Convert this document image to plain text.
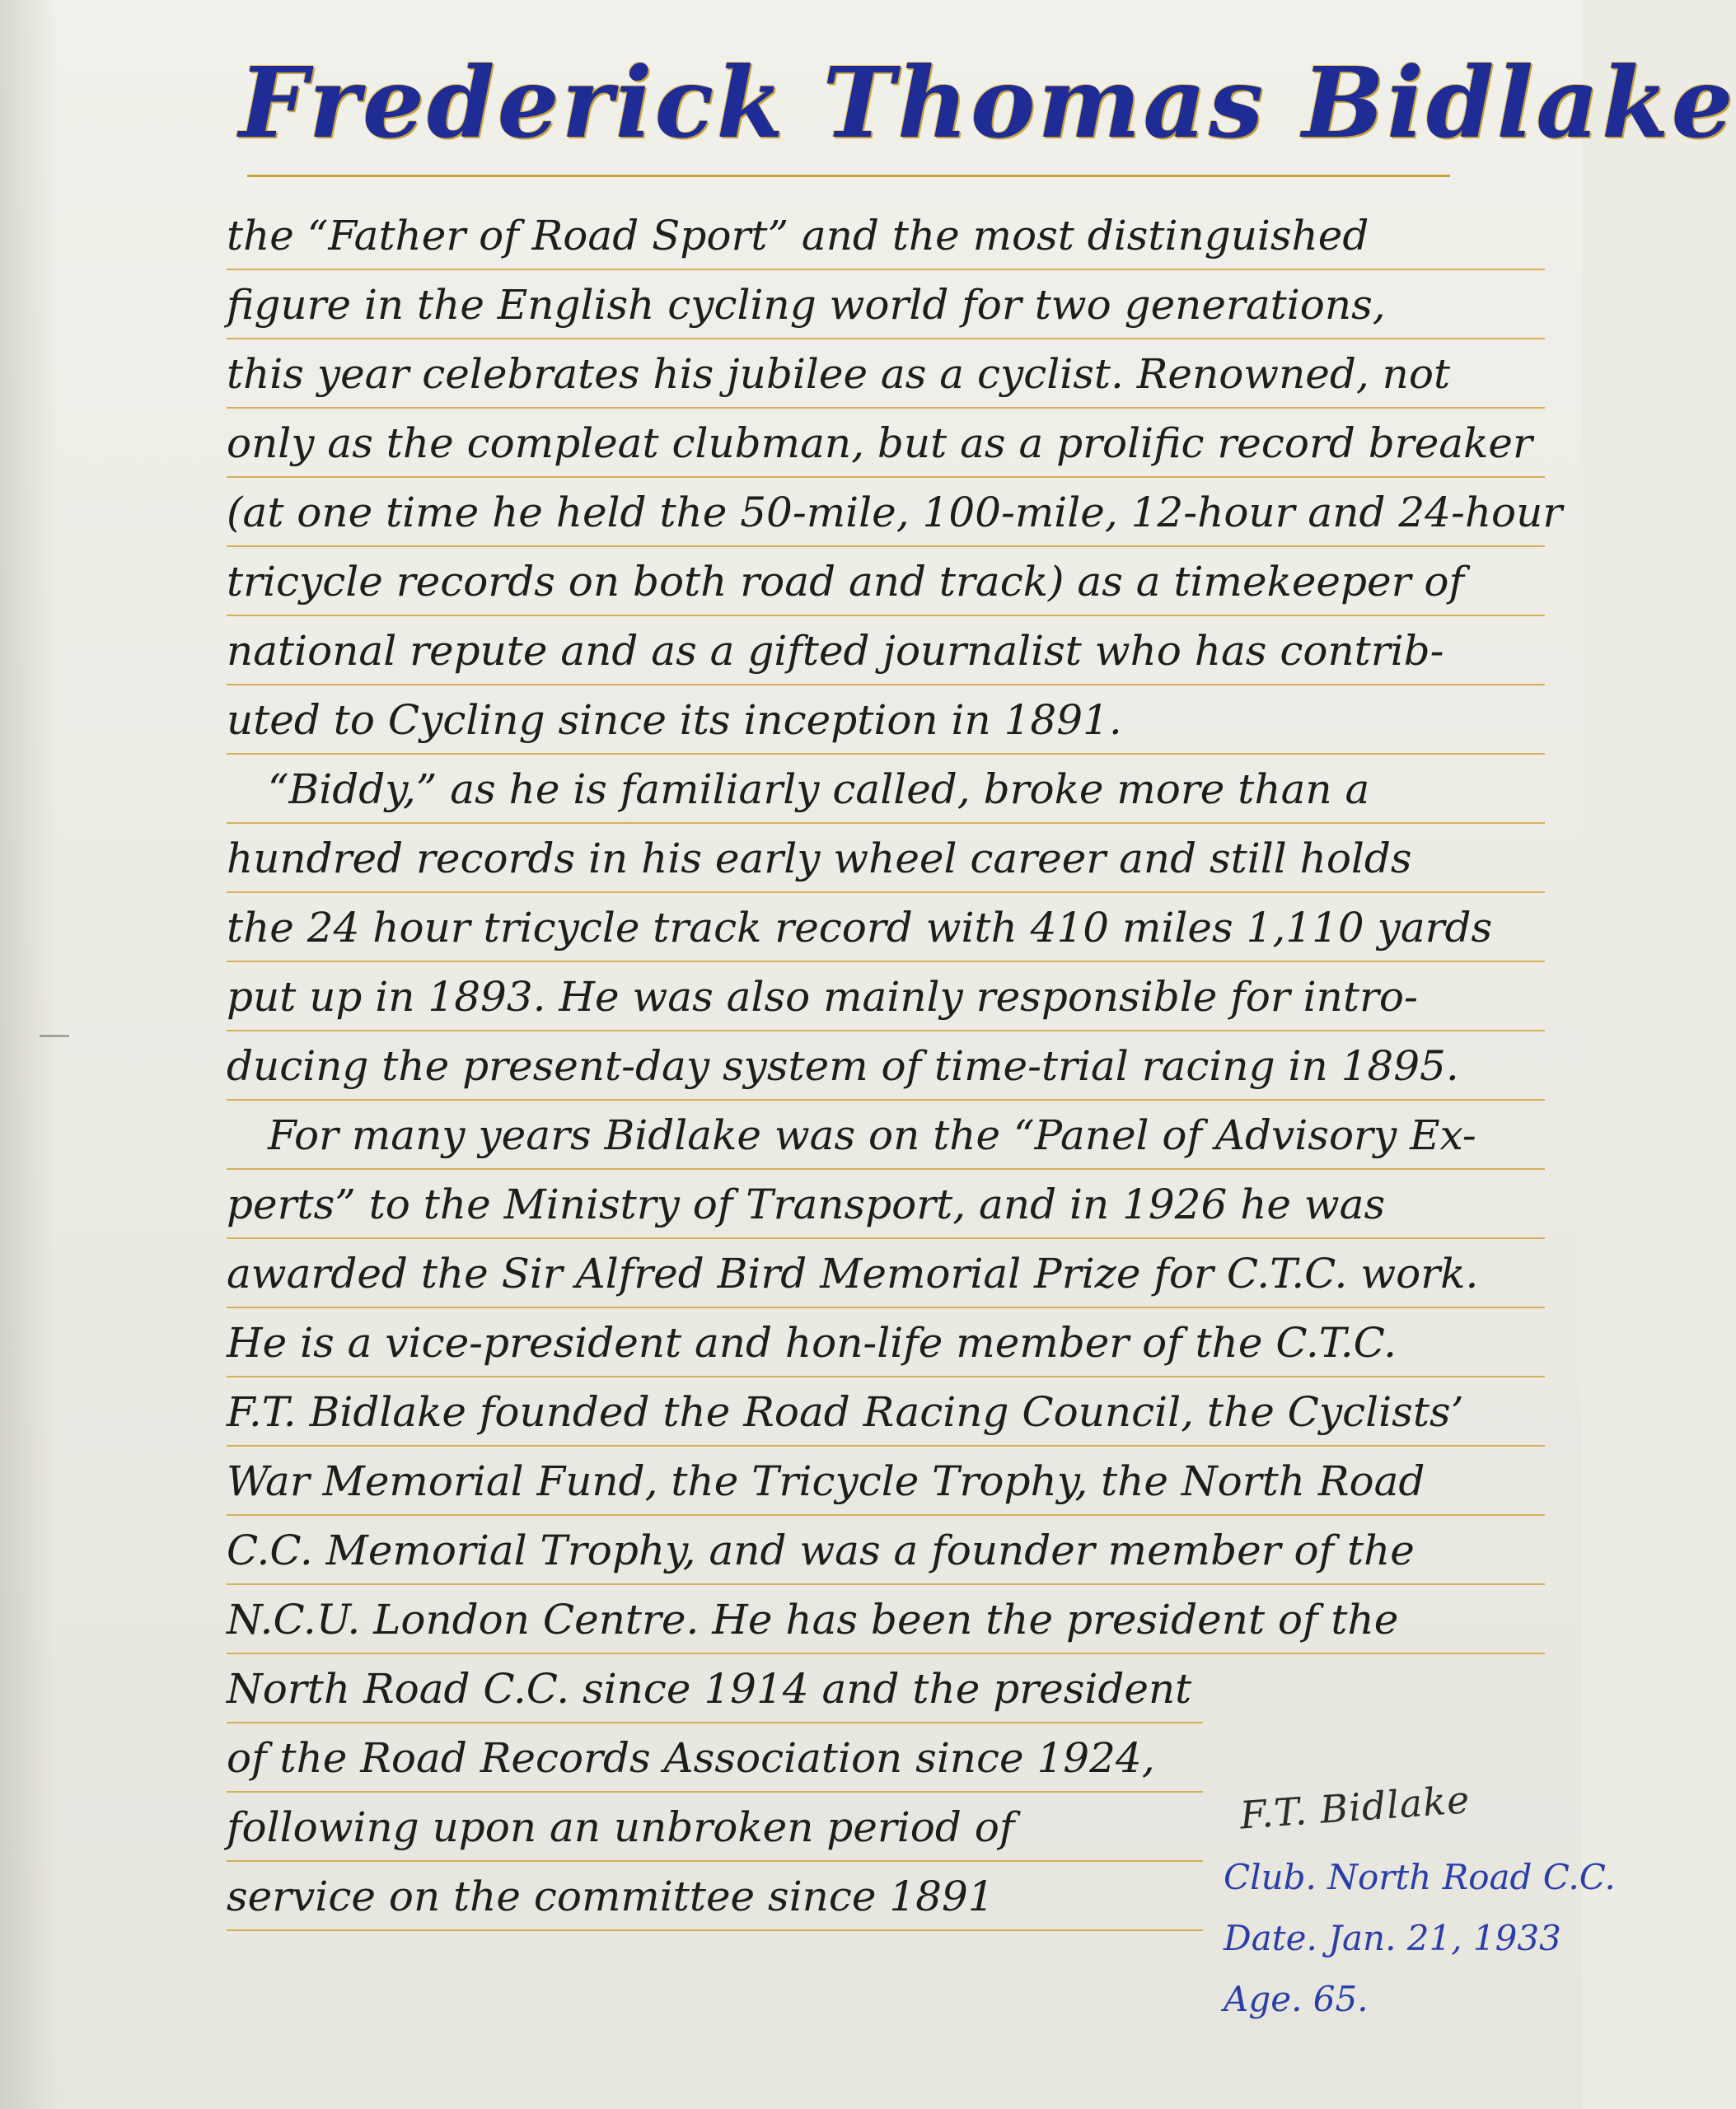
Frederick Thomas Bidlake
the “Father of Road Sport” and the most distinguished
figure in the English cycling world for two generations,
this year celebrates his jubilee as a cyclist. Renowned, not
only as the compleat clubman, but as a prolific record breaker
(at one time he held the 50-mile, 100-mile, 12-hour and 24-hour
tricycle records on both road and track) as a timekeeper of
national repute and as a gifted journalist who has contrib-
uted to Cycling since its inception in 1891.
“Biddy,” as he is familiarly called, broke more than a
hundred records in his early wheel career and still holds
the 24 hour tricycle track record with 410 miles 1,110 yards
put up in 1893. He was also mainly responsible for intro-
ducing the present-day system of time-trial racing in 1895.
For many years Bidlake was on the “Panel of Advisory Ex-
perts” to the Ministry of Transport, and in 1926 he was
awarded the Sir Alfred Bird Memorial Prize for C.T.C. work.
He is a vice-president and hon-life member of the C.T.C.
F.T. Bidlake founded the Road Racing Council, the Cyclists’
War Memorial Fund, the Tricycle Trophy, the North Road
C.C. Memorial Trophy, and was a founder member of the
N.C.U. London Centre. He has been the president of the
North Road C.C. since 1914 and the president
of the Road Records Association since 1924,
following upon an unbroken period of
service on the committee since 1891
F.T. Bidlake
Club. North Road C.C.
Date. Jan. 21, 1933
Age. 65.
